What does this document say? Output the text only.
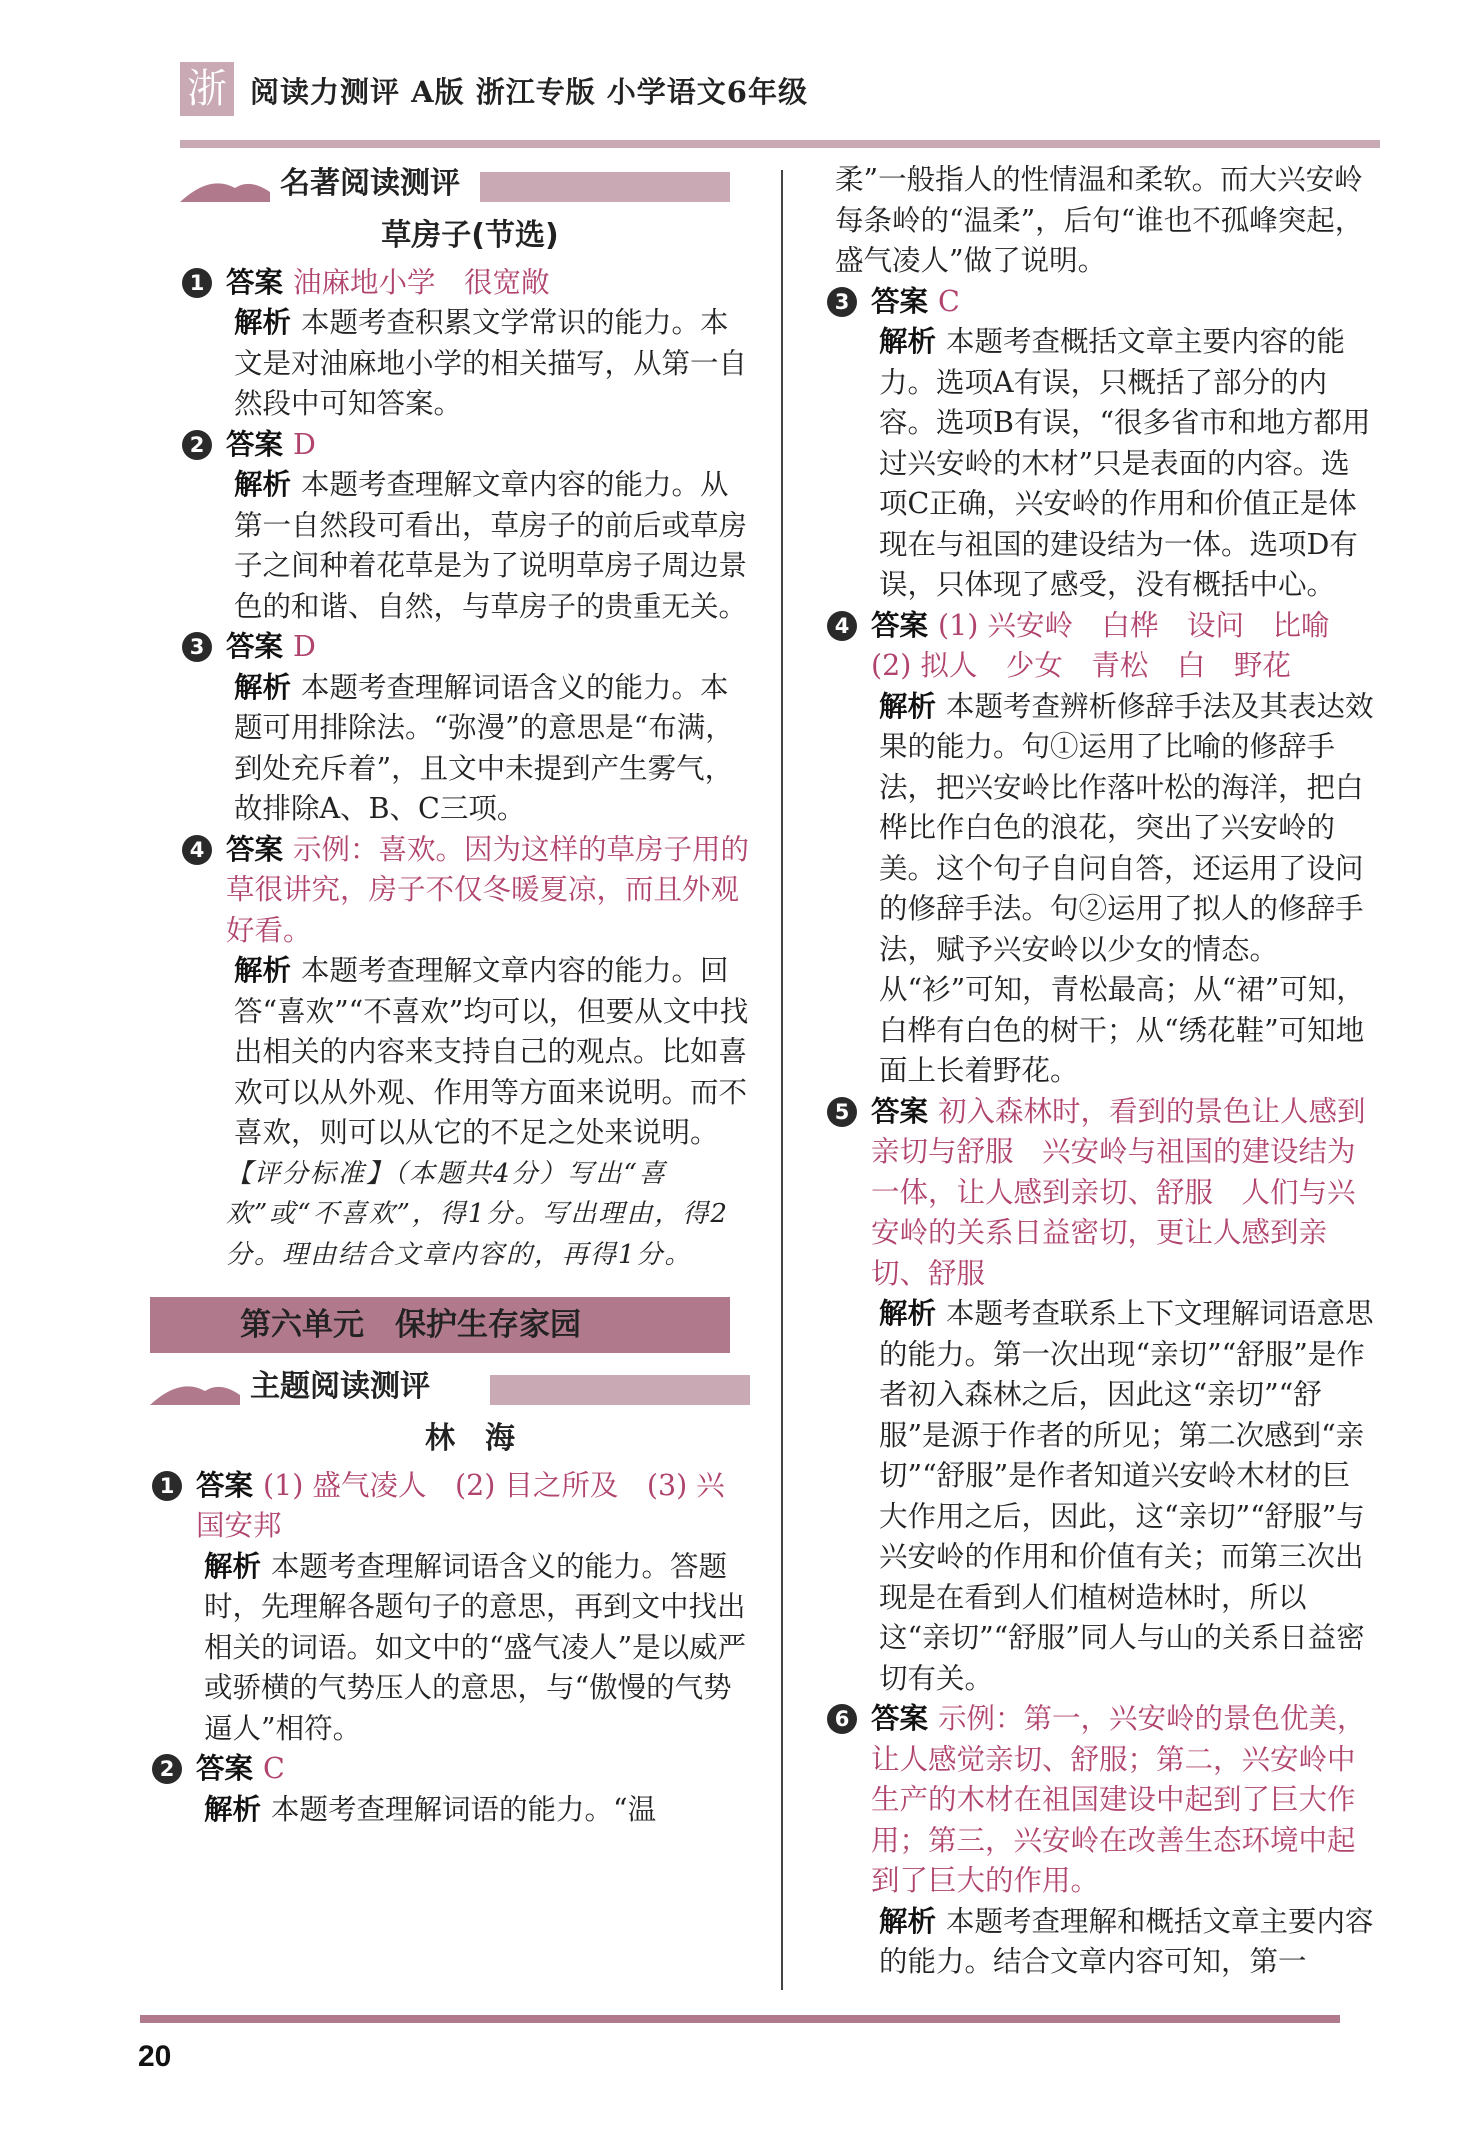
浙 阅读力测评 A版 浙江专版 小学语文6年级
名著阅读测评
草房子(节选)
1 答案 油麻地小学　很宽敞
解析 本题考查积累文学常识的能力。本文是对油麻地小学的相关描写，从第一自然段中可知答案。
2 答案 D
解析 本题考查理解文章内容的能力。从第一自然段可看出，草房子的前后或草房子之间种着花草是为了说明草房子周边景色的和谐、自然，与草房子的贵重无关。
3 答案 D
解析 本题考查理解词语含义的能力。本题可用排除法。“弥漫”的意思是“布满，到处充斥着”，且文中未提到产生雾气，故排除A、B、C三项。
4 答案 示例：喜欢。因为这样的草房子用的草很讲究，房子不仅冬暖夏凉，而且外观好看。
解析 本题考查理解文章内容的能力。回答“喜欢”“不喜欢”均可以，但要从文中找出相关的内容来支持自己的观点。比如喜欢可以从外观、作用等方面来说明。而不喜欢，则可以从它的不足之处来说明。
【评分标准】（本题共4分）写出“喜欢”或“不喜欢”，得1分。写出理由，得2分。理由结合文章内容的，再得1分。
第六单元　保护生存家园
主题阅读测评
林　海
1 答案 (1) 盛气凌人　(2) 目之所及　(3) 兴国安邦
解析 本题考查理解词语含义的能力。答题时，先理解各题句子的意思，再到文中找出相关的词语。如文中的“盛气凌人”是以威严或骄横的气势压人的意思，与“傲慢的气势逼人”相符。
2 答案 C
解析 本题考查理解词语的能力。“温
柔”一般指人的性情温和柔软。而大兴安岭每条岭的“温柔”，后句“谁也不孤峰突起，盛气凌人”做了说明。
3 答案 C
解析 本题考查概括文章主要内容的能力。选项A有误，只概括了部分的内容。选项B有误，“很多省市和地方都用过兴安岭的木材”只是表面的内容。选项C正确，兴安岭的作用和价值正是体现在与祖国的建设结为一体。选项D有误，只体现了感受，没有概括中心。
4 答案 (1) 兴安岭　白桦　设问　比喻　(2) 拟人　少女　青松　白　野花
解析 本题考查辨析修辞手法及其表达效果的能力。句①运用了比喻的修辞手法，把兴安岭比作落叶松的海洋，把白桦比作白色的浪花，突出了兴安岭的美。这个句子自问自答，还运用了设问的修辞手法。句②运用了拟人的修辞手法，赋予兴安岭以少女的情态。从“衫”可知，青松最高；从“裙”可知，白桦有白色的树干；从“绣花鞋”可知地面上长着野花。
5 答案 初入森林时，看到的景色让人感到亲切与舒服　兴安岭与祖国的建设结为一体，让人感到亲切、舒服　人们与兴安岭的关系日益密切，更让人感到亲切、舒服
解析 本题考查联系上下文理解词语意思的能力。第一次出现“亲切”“舒服”是作者初入森林之后，因此这“亲切”“舒服”是源于作者的所见；第二次感到“亲切”“舒服”是作者知道兴安岭木材的巨大作用之后，因此，这“亲切”“舒服”与兴安岭的作用和价值有关；而第三次出现是在看到人们植树造林时，所以这“亲切”“舒服”同人与山的关系日益密切有关。
6 答案 示例：第一，兴安岭的景色优美，让人感觉亲切、舒服；第二，兴安岭中生产的木材在祖国建设中起到了巨大作用；第三，兴安岭在改善生态环境中起到了巨大的作用。
解析 本题考查理解和概括文章主要内容的能力。结合文章内容可知，第一
20
